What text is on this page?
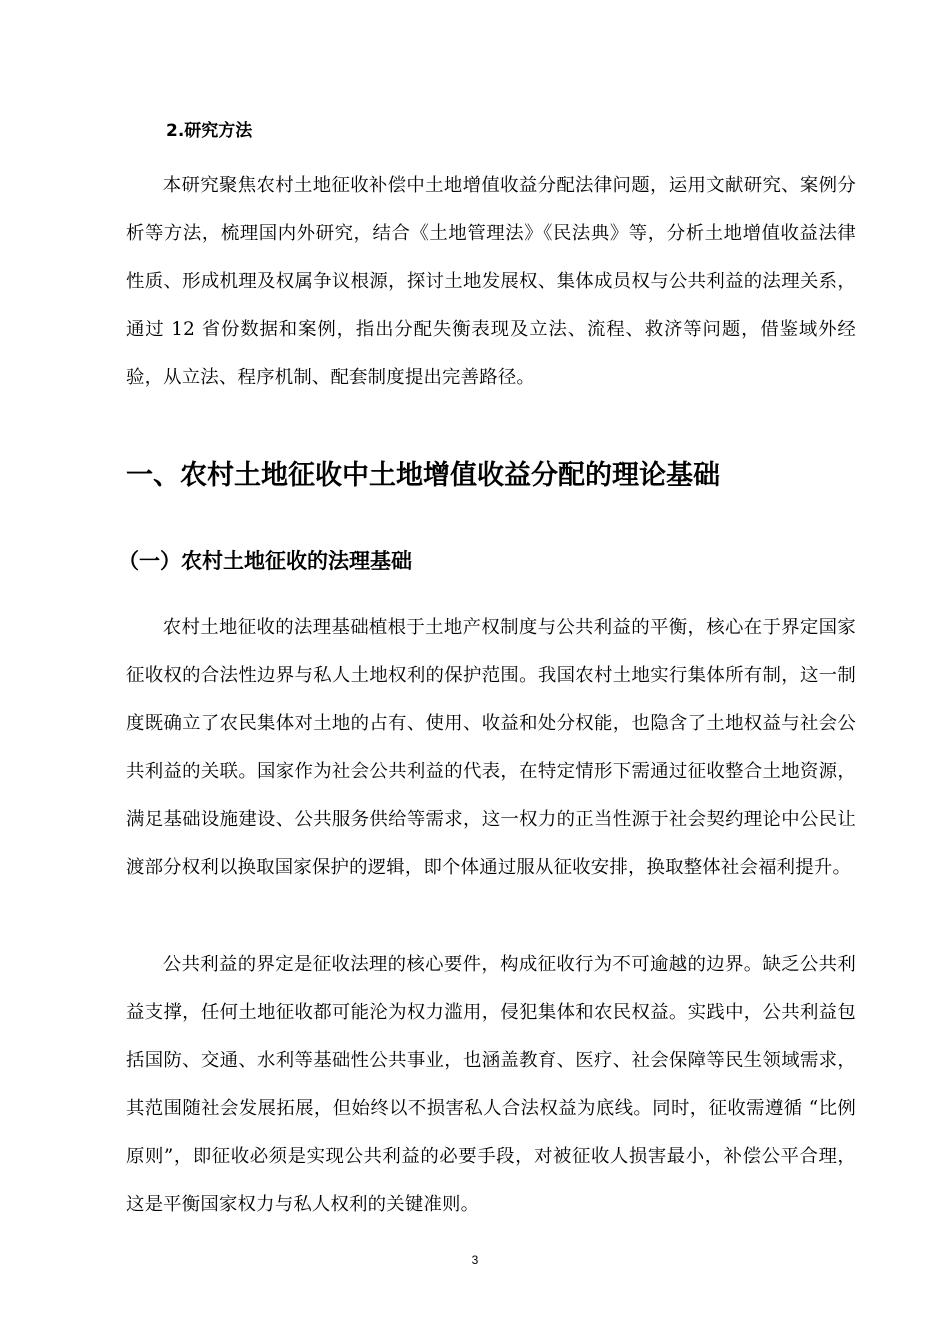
2.研究方法

本研究聚焦农村土地征收补偿中土地增值收益分配法律问题，运用文献研究、案例分析等方法，梳理国内外研究，结合《土地管理法》《民法典》等，分析土地增值收益法律性质、形成机理及权属争议根源，探讨土地发展权、集体成员权与公共利益的法理关系，通过 12 省份数据和案例，指出分配失衡表现及立法、流程、救济等问题，借鉴域外经验，从立法、程序机制、配套制度提出完善路径。

一、农村土地征收中土地增值收益分配的理论基础
（一）农村土地征收的法理基础

农村土地征收的法理基础植根于土地产权制度与公共利益的平衡，核心在于界定国家征收权的合法性边界与私人土地权利的保护范围。我国农村土地实行集体所有制，这一制度既确立了农民集体对土地的占有、使用、收益和处分权能，也隐含了土地权益与社会公共利益的关联。国家作为社会公共利益的代表，在特定情形下需通过征收整合土地资源，满足基础设施建设、公共服务供给等需求，这一权力的正当性源于社会契约理论中公民让渡部分权利以换取国家保护的逻辑，即个体通过服从征收安排，换取整体社会福利提升。

公共利益的界定是征收法理的核心要件，构成征收行为不可逾越的边界。缺乏公共利益支撑，任何土地征收都可能沦为权力滥用，侵犯集体和农民权益。实践中，公共利益包括国防、交通、水利等基础性公共事业，也涵盖教育、医疗、社会保障等民生领域需求，其范围随社会发展拓展，但始终以不损害私人合法权益为底线。同时，征收需遵循 “比例原则”，即征收必须是实现公共利益的必要手段，对被征收人损害最小，补偿公平合理，这是平衡国家权力与私人权利的关键准则。

3
